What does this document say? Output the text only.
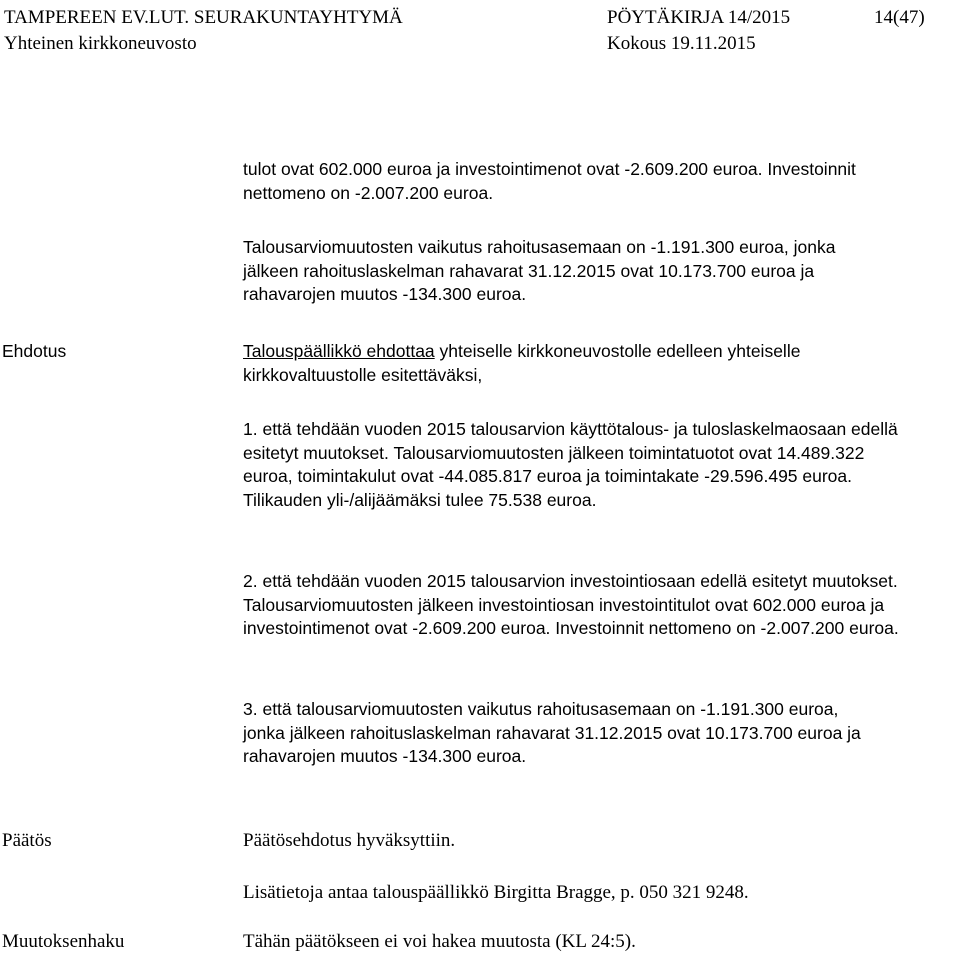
TAMPEREEN EV.LUT. SEURAKUNTAYHTYMÄ
Yhteinen kirkkoneuvosto
PÖYTÄKIRJA 14/2015
Kokous 19.11.2015
14(47)

tulot ovat 602.000 euroa ja investointimenot ovat -2.609.200 euroa. Investoinnit nettomeno on -2.007.200 euroa.

Talousarviomuutosten vaikutus rahoitusasemaan on -1.191.300 euroa, jonka jälkeen rahoituslaskelman rahavarat 31.12.2015 ovat 10.173.700 euroa ja rahavarojen muutos -134.300 euroa.

Ehdotus	Talouspäällikkö ehdottaa yhteiselle kirkkoneuvostolle edelleen yhteiselle kirkkovaltuustolle esitettäväksi,

1. että tehdään vuoden 2015 talousarvion käyttötalous- ja tuloslaskelmaosaan edellä esitetyt muutokset. Talousarviomuutosten jälkeen toimintatuotot ovat 14.489.322 euroa, toimintakulut ovat -44.085.817 euroa ja toimintakate -29.596.495 euroa. Tilikauden yli-/alijäämäksi tulee 75.538 euroa.

2. että tehdään vuoden 2015 talousarvion investointiosaan edellä esitetyt muutokset. Talousarviomuutosten jälkeen investointiosan investointitulot ovat 602.000 euroa ja investointimenot ovat -2.609.200 euroa. Investoinnit nettomeno on -2.007.200 euroa.

3. että talousarviomuutosten vaikutus rahoitusasemaan on -1.191.300 euroa, jonka jälkeen rahoituslaskelman rahavarat 31.12.2015 ovat 10.173.700 euroa ja rahavarojen muutos -134.300 euroa.

Päätös	Päätösehdotus hyväksyttiin.
Lisätietoja antaa talouspäällikkö Birgitta Bragge, p. 050 321 9248.
Muutoksenhaku	Tähän päätökseen ei voi hakea muutosta (KL 24:5).
